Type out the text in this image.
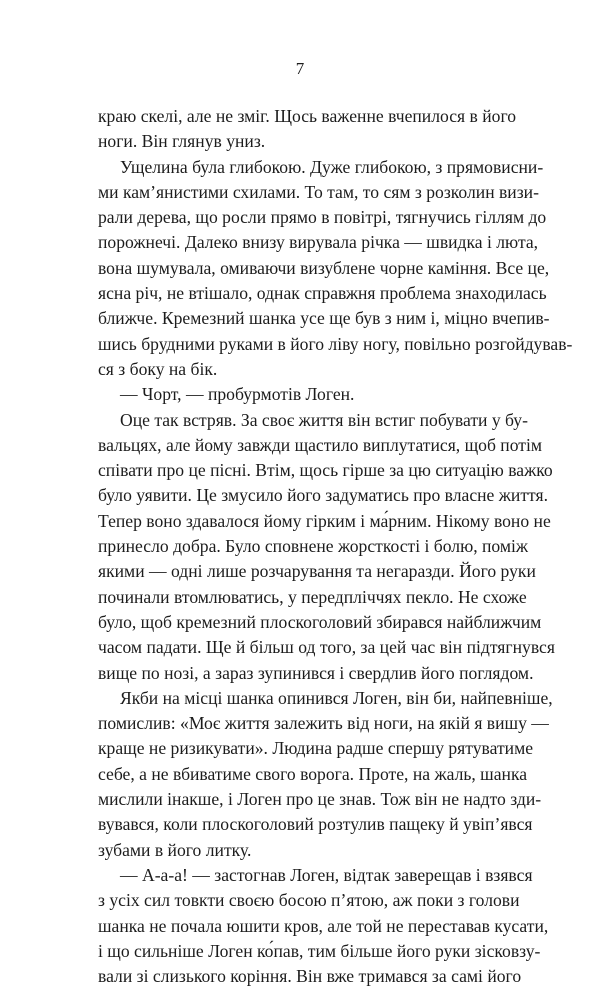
7
краю скелі, але не зміг. Щось важенне вчепилося в його
ноги. Він глянув униз.
Ущелина була глибокою. Дуже глибокою, з прямовисни-
ми кам’янистими схилами. То там, то сям з розколин визи-
рали дерева, що росли прямо в повітрі, тягнучись гіллям до
порожнечі. Далеко внизу вирувала річка — швидка і люта,
вона шумувала, омиваючи визублене чорне каміння. Все це,
ясна річ, не втішало, однак справжня проблема знаходилась
ближче. Кремезний шанка усе ще був з ним і, міцно вчепив-
шись брудними руками в його ліву ногу, повільно розгойдував-
ся з боку на бік.
— Чорт, — пробурмотів Логен.
Оце так встряв. За своє життя він встиг побувати у бу-
вальцях, але йому завжди щастило виплутатися, щоб потім
співати про це пісні. Втім, щось гірше за цю ситуацію важко
було уявити. Це змусило його задуматись про власне життя.
Тепер воно здавалося йому гірким і ма́рним. Нікому воно не
принесло добра. Було сповнене жорсткості і болю, поміж
якими — одні лише розчарування та негаразди. Його руки
починали втомлюватись, у передпліччях пекло. Не схоже
було, щоб кремезний плоскоголовий збирався найближчим
часом падати. Ще й більш од того, за цей час він підтягнувся
вище по нозі, а зараз зупинився і свердлив його поглядом.
Якби на місці шанка опинився Логен, він би, найпевніше,
помислив: «Моє життя залежить від ноги, на якій я вишу —
краще не ризикувати». Людина радше спершу рятуватиме
себе, а не вбиватиме свого ворога. Проте, на жаль, шанка
мислили інакше, і Логен про це знав. Тож він не надто зди-
вувався, коли плоскоголовий розтулив пащеку й увіп’явся
зубами в його литку.
— А-а-а! — застогнав Логен, відтак заверещав і взявся
з усіх сил товкти своєю босою п’ятою, аж поки з голови
шанка не почала юшити кров, але той не переставав кусати,
і що сильніше Логен ко́пав, тим більше його руки зісковзу-
вали зі слизького коріння. Він вже тримався за самі його
